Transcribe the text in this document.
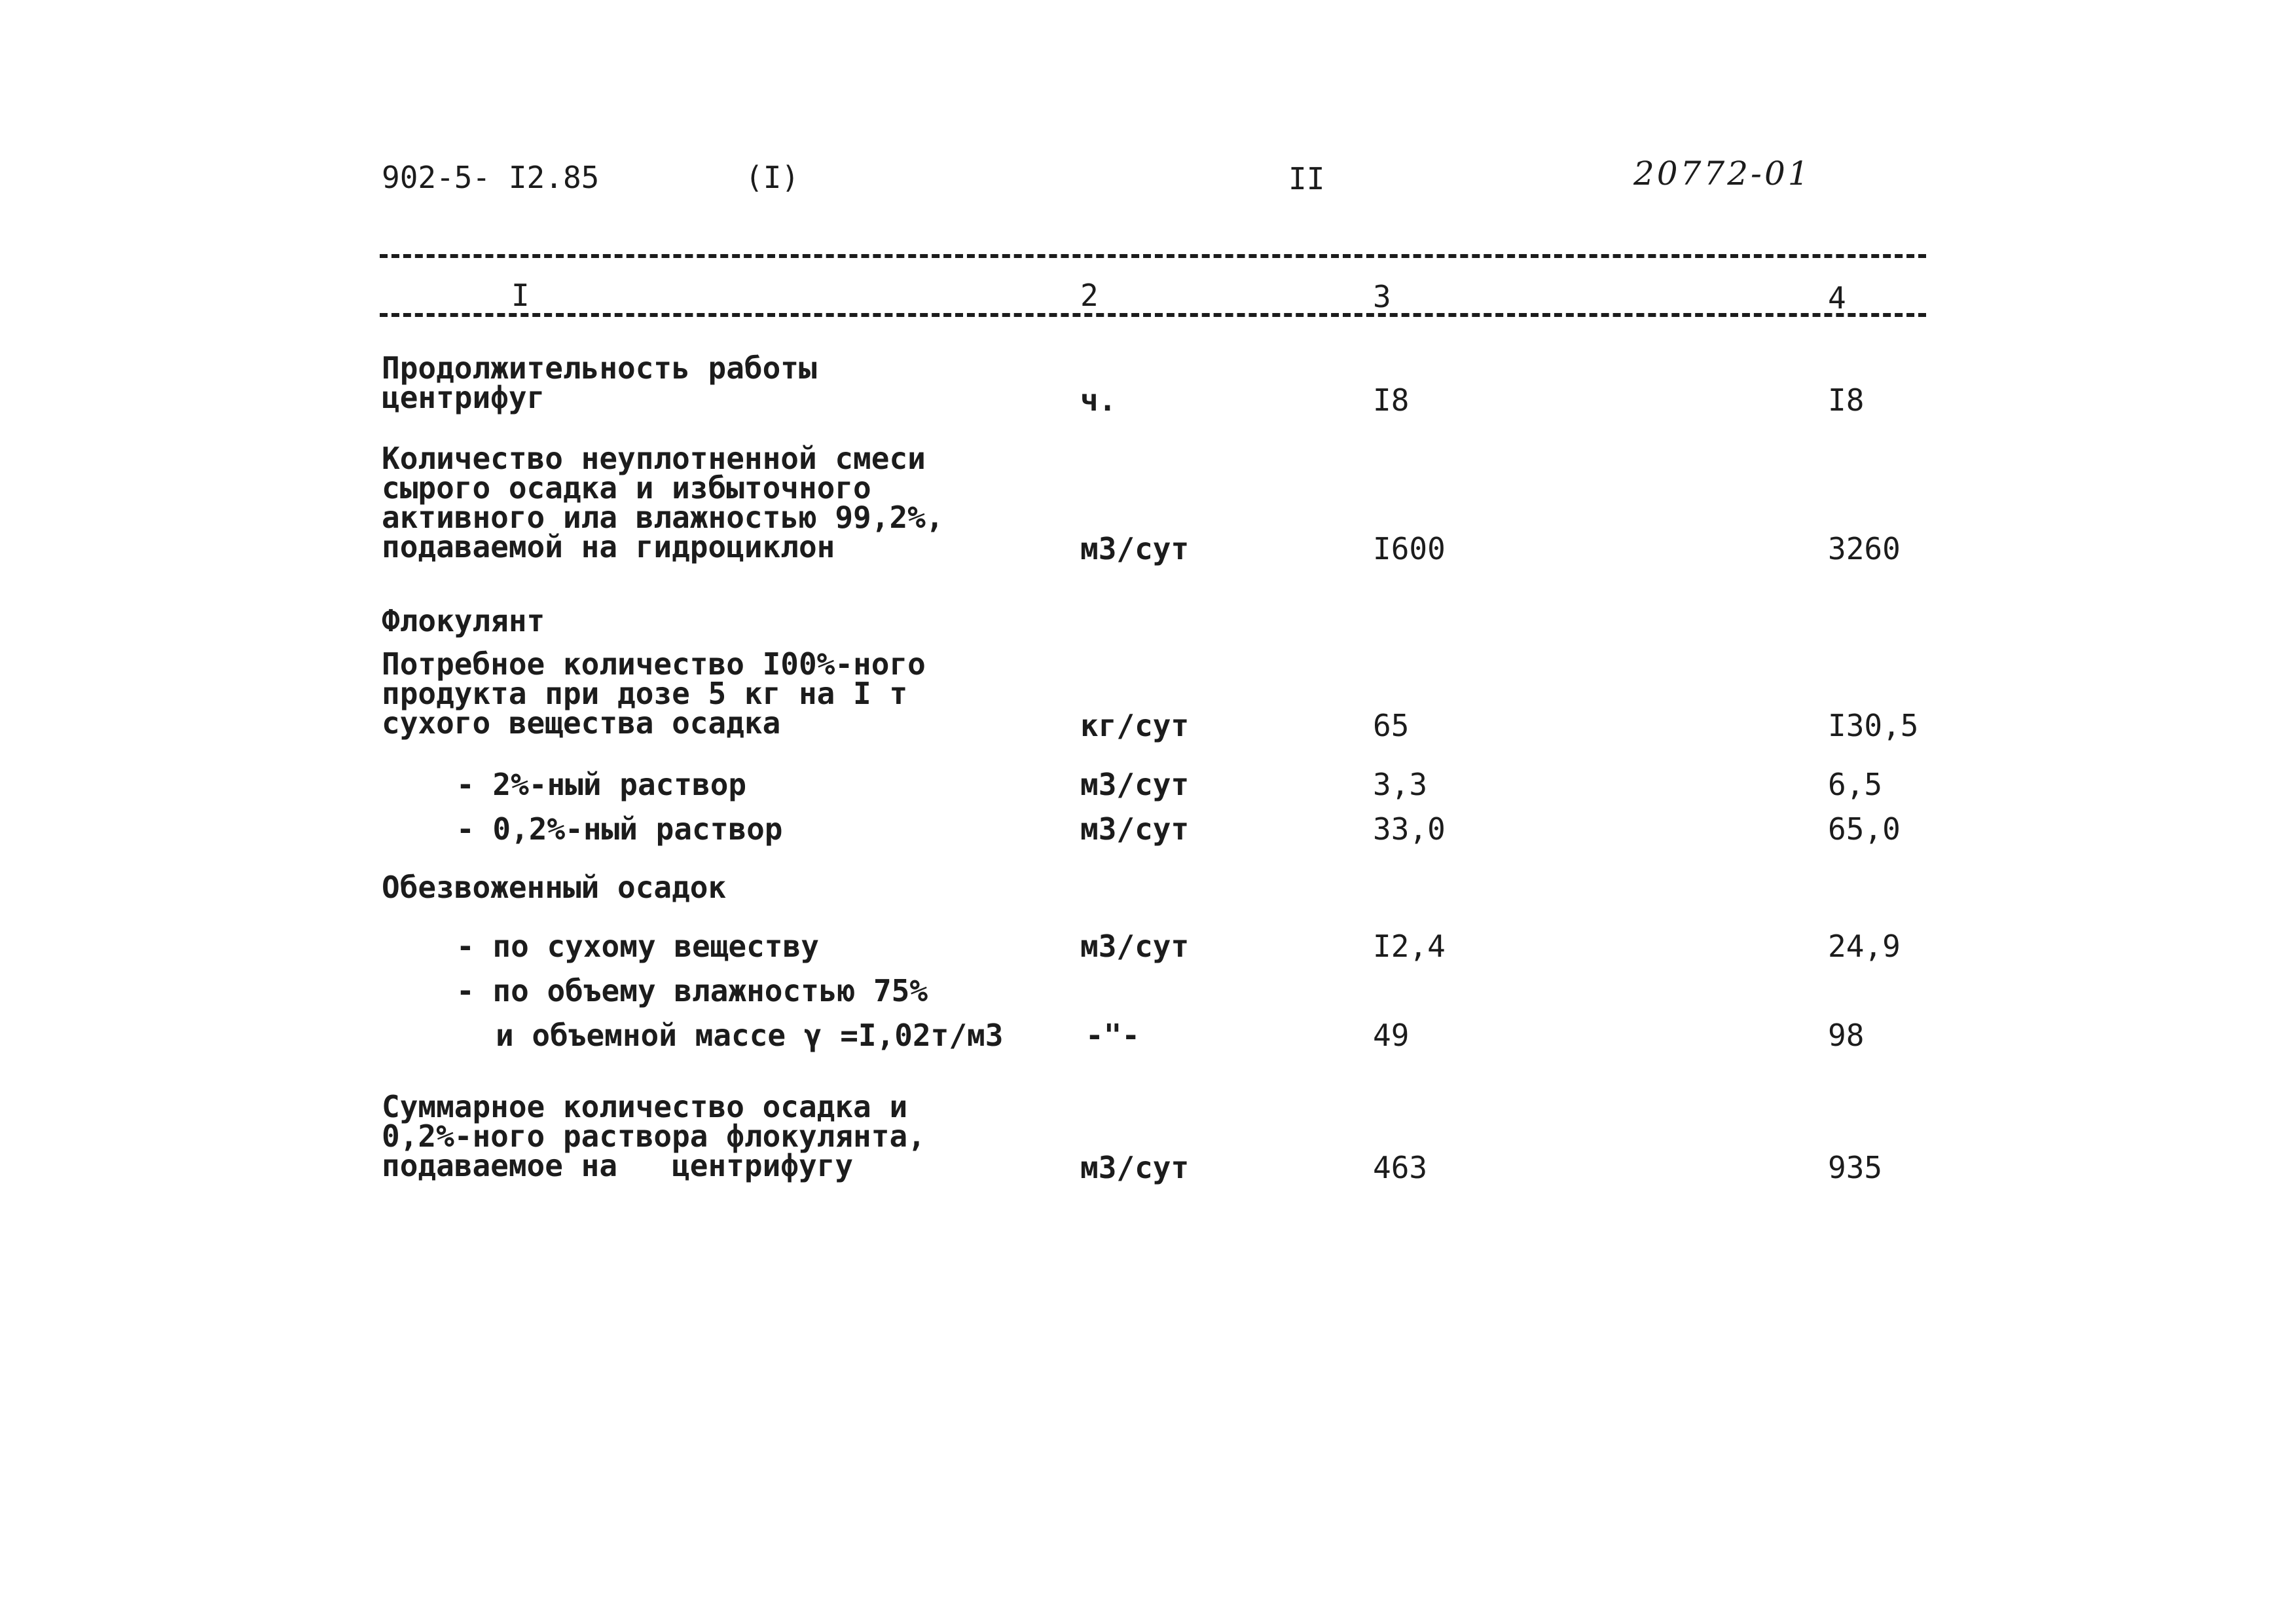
902-5- I2.85	(I)	II	20772-01
I	2	3	4
Продолжительность работы
центрифуг	ч.	I8	I8
Количество неуплотненной смеси
сырого осадка и избыточного
активного ила влажностью 99,2%,
подаваемой на гидроциклон	м3/сут	I600	3260
Флокулянт
Потребное количество I00%-ного
продукта при дозе 5 кг на I т
сухого вещества осадка	кг/сут	65	I30,5
- 2%-ный раствор	м3/сут	3,3	6,5
- 0,2%-ный раствор	м3/сут	33,0	65,0
Обезвоженный осадок
- по сухому веществу	м3/сут	I2,4	24,9
- по объему влажностью 75%
и объемной массе γ =I,02т/м3	-"-	49	98
Суммарное количество осадка и
0,2%-ного раствора флокулянта,
подаваемое на   центрифугу	м3/сут	463	935
